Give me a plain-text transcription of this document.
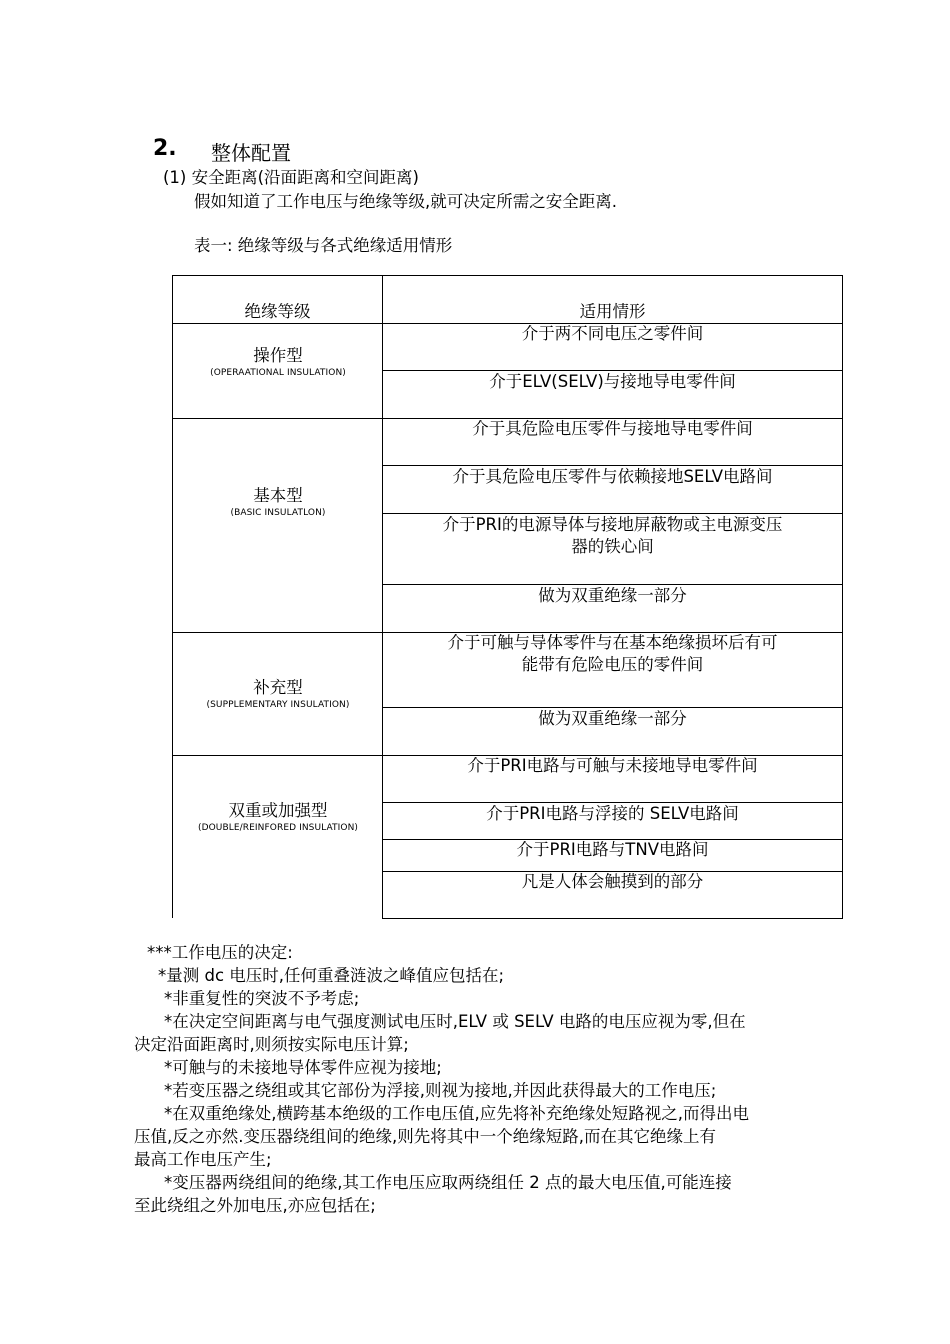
2. 整体配置
(1) 安全距离(沿面距离和空间距离)
假如知道了工作电压与绝缘等级,就可决定所需之安全距离.
表一: 绝缘等级与各式绝缘适用情形
绝缘等级	适用情形
操作型
(OPERAATIONAL INSULATION)
基本型
(BASIC INSULATLON)
补充型
(SUPPLEMENTARY INSULATION)
双重或加强型
(DOUBLE/REINFORED INSULATION)
介于两不同电压之零件间
介于ELV(SELV)与接地导电零件间
介于具危险电压零件与接地导电零件间
介于具危险电压零件与依赖接地SELV电路间
介于PRI的电源导体与接地屏蔽物或主电源变压
器的铁心间
做为双重绝缘一部分
介于可触与导体零件与在基本绝缘损坏后有可
能带有危险电压的零件间
做为双重绝缘一部分
介于PRI电路与可触与未接地导电零件间
介于PRI电路与浮接的 SELV电路间
介于PRI电路与TNV电路间
凡是人体会触摸到的部分
***工作电压的决定:
*量测 dc 电压时,任何重叠涟波之峰值应包括在;
*非重复性的突波不予考虑;
*在决定空间距离与电气强度测试电压时,ELV 或 SELV 电路的电压应视为零,但在
决定沿面距离时,则须按实际电压计算;
*可触与的未接地导体零件应视为接地;
*若变压器之绕组或其它部份为浮接,则视为接地,并因此获得最大的工作电压;
*在双重绝缘处,横跨基本绝级的工作电压值,应先将补充绝缘处短路视之,而得出电
压值,反之亦然.变压器绕组间的绝缘,则先将其中一个绝缘短路,而在其它绝缘上有
最高工作电压产生;
*变压器两绕组间的绝缘,其工作电压应取两绕组任 2 点的最大电压值,可能连接
至此绕组之外加电压,亦应包括在;
